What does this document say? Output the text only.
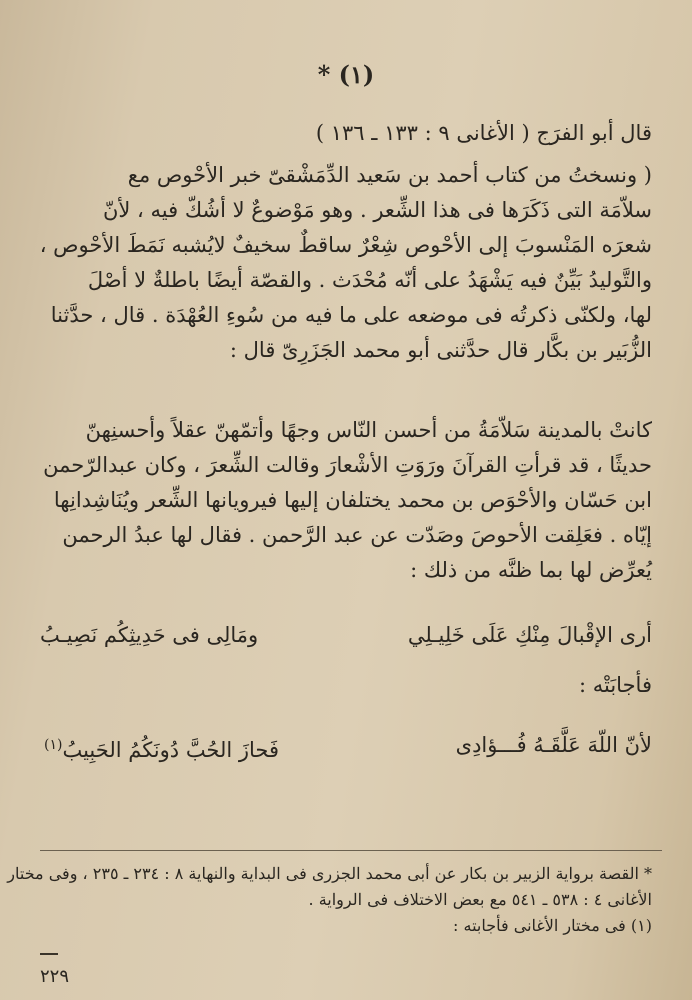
(١) *
قال أبو الفرَج ( الأغانى ٩ : ١٣٣ ـ ١٣٦ )
( ونسختُ من كتاب أحمد بن سَعيد الدِّمَشْقىّ خبر الأحْوص مع
سلاّمَة التى ذَكَرَها فى هذا الشِّعر . وهو مَوْضوعٌ لا أشُكّ فيه ، لأنّ
شعرَه المَنْسوبَ إلى الأحْوص شِعْرٌ ساقطٌ سخيفٌ لايُشبه نَمَطَ الأحْوص ،
والتَّوليدُ بَيِّنٌ فيه يَشْهَدُ على أنّه مُحْدَث . والقصّة أيضًا باطلةٌ لا أصْلَ
لها، ولكنّى ذكرتُه فى موضعه على ما فيه من سُوءِ العُهْدَة . قال ، حدَّثنا
الزُّبَير بن بكَّار قال حدَّثنى أبو محمد الجَزَرِىّ قال :
كانتْ بالمدينة سَلاّمَةُ من أحسن النّاس وجهًا وأتمّهنّ عقلاً وأحسنِهنّ
حديثًا ، قد قرأتِ القرآنَ ورَوَتِ الأشْعارَ وقالت الشِّعرَ ، وكان عبدالرّحمن
ابن حَسّان والأحْوَص بن محمد يختلفان إليها فيرويانها الشِّعر ويُنَاشِدانِها
إيّاه . فعَلِقت الأحوصَ وصَدّت عن عبد الرَّحمن . فقال لها عبدُ الرحمن
يُعرِّض لها بما ظنَّه من ذلك :
أرى الإقْبالَ مِنْكِ عَلَى خَلِيـلِي
ومَالِى فى حَدِيثِكُم نَصِيـبُ
فأجابَتْه :
لأنّ اللّهَ عَلَّقَـهُ فُـــؤادِى
فَحازَ الحُبَّ دُونَكُمُ الحَبِيبُ$^{(١)}$
* القصة برواية الزبير بن بكار عن أبى محمد الجزرى فى البداية والنهاية ٨ : ٢٣٤ ـ ٢٣٥ ، وفى مختار
الأغانى ٤ : ٥٣٨ ـ ٥٤١ مع بعض الاختلاف فى الرواية .
(١) فى مختار الأغانى فأجابته :
٢٢٩
